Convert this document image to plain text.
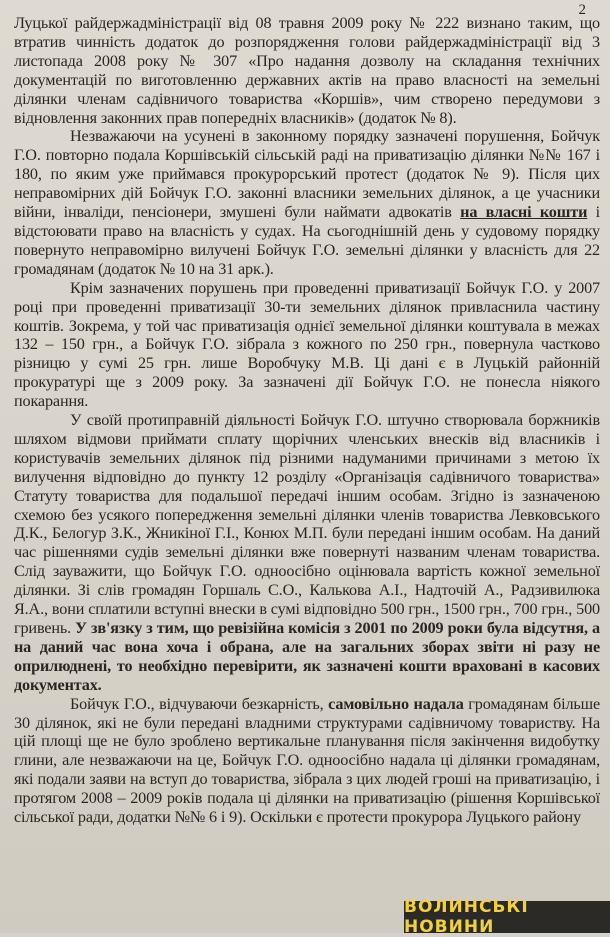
2

Луцької райдержадміністрації від 08 травня 2009 року № 222 визнано таким, що втратив чинність додаток до розпорядження голови райдержадміністрації від 3 листопада 2008 року № 307 «Про надання дозволу на складання технічних документацій по виготовленню державних актів на право власності на земельні ділянки членам садівничого товариства «Коршів», чим створено передумови з відновлення законних прав попередніх власників» (додаток № 8).

Незважаючи на усунені в законному порядку зазначені порушення, Бойчук Г.О. повторно подала Коршівській сільській раді на приватизацію ділянки №№ 167 і 180, по яким уже приймався прокурорський протест (додаток № 9). Після цих неправомірних дій Бойчук Г.О. законні власники земельних ділянок, а це учасники війни, інваліди, пенсіонери, змушені були наймати адвокатів на власні кошти і відстоювати право на власність у судах. На сьогоднішній день у судовому порядку повернуто неправомірно вилучені Бойчук Г.О. земельні ділянки у власність для 22 громадянам (додаток № 10 на 31 арк.).

Крім зазначених порушень при проведенні приватизації Бойчук Г.О. у 2007 році при проведенні приватизації 30-ти земельних ділянок привласнила частину коштів. Зокрема, у той час приватизація однієї земельної ділянки коштувала в межах 132 – 150 грн., а Бойчук Г.О. зібрала з кожного по 250 грн., повернула частково різницю у сумі 25 грн. лише Воробчуку М.В. Ці дані є в Луцькій районній прокуратурі ще з 2009 року. За зазначені дії Бойчук Г.О. не понесла ніякого покарання.

У своїй протиправній діяльності Бойчук Г.О. штучно створювала боржників шляхом відмови приймати сплату щорічних членських внесків від власників і користувачів земельних ділянок під різними надуманими причинами з метою їх вилучення відповідно до пункту 12 розділу «Організація садівничого товариства» Статуту товариства для подальшої передачі іншим особам. Згідно із зазначеною схемою без усякого попередження земельні ділянки членів товариства Левковського Д.К., Белогур З.К., Жникіної Г.І., Конюх М.П. були передані іншим особам. На даний час рішеннями судів земельні ділянки вже повернуті названим членам товариства. Слід зауважити, що Бойчук Г.О. одноосібно оцінювала вартість кожної земельної ділянки. Зі слів громадян Горшаль С.О., Калькова А.І., Надточій А., Радзивилюка Я.А., вони сплатили вступні внески в сумі відповідно 500 грн., 1500 грн., 700 грн., 500 гривень. У зв'язку з тим, що ревізійна комісія з 2001 по 2009 роки була відсутня, а на даний час вона хоча і обрана, але на загальних зборах звіти ні разу не оприлюднені, то необхідно перевірити, як зазначені кошти враховані в касових документах.

Бойчук Г.О., відчуваючи безкарність, самовільно надала громадянам більше 30 ділянок, які не були передані владними структурами садівничому товариству. На цій площі ще не було зроблено вертикальне планування після закінчення видобутку глини, але незважаючи на це, Бойчук Г.О. одноосібно надала ці ділянки громадянам, які подали заяви на вступ до товариства, зібрала з цих людей гроші на приватизацію, і протягом 2008 – 2009 років подала ці ділянки на приватизацію (рішення Коршівської сільської ради, додатки №№ 6 і 9). Оскільки є протести прокурора Луцького району

ВОЛИНСЬКІ НОВИНИ
